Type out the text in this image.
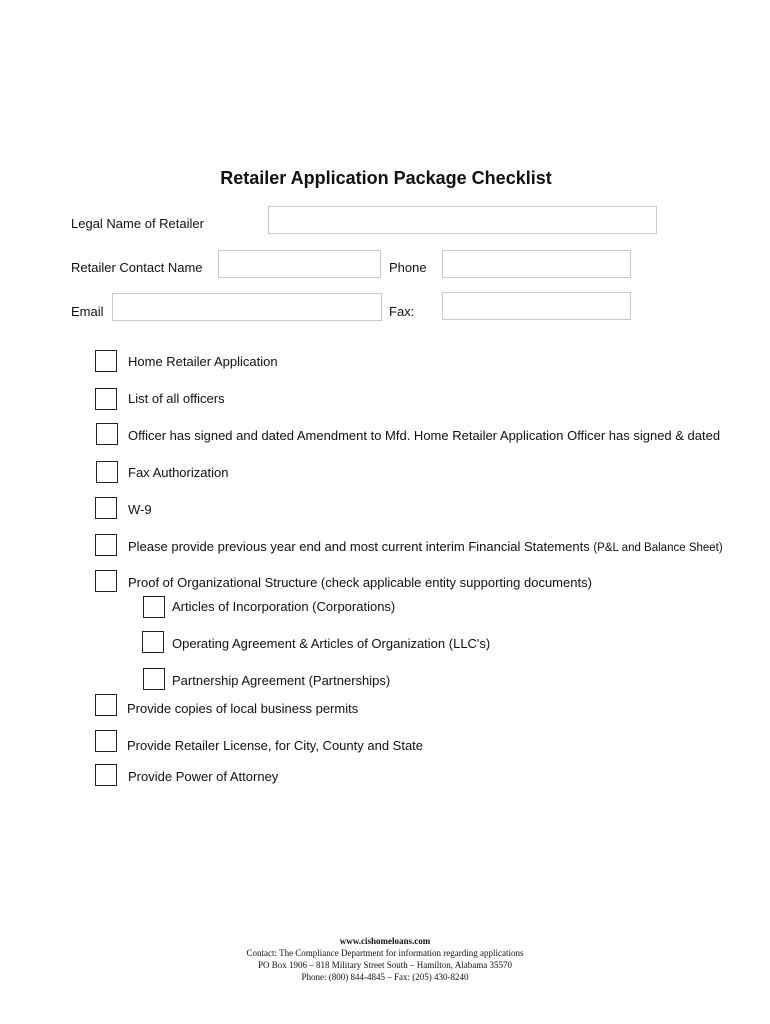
Retailer Application Package Checklist
Legal Name of Retailer
Retailer Contact Name	Phone
Email	Fax:
Home Retailer Application
List of all officers
Officer has signed and dated Amendment to Mfd. Home Retailer Application Officer has signed & dated
Fax Authorization
W-9
Please provide previous year end and most current interim Financial Statements (P&L and Balance Sheet)
Proof of Organizational Structure (check applicable entity supporting documents)
Articles of Incorporation (Corporations)
Operating Agreement & Articles of Organization (LLC's)
Partnership Agreement (Partnerships)
Provide copies of local business permits
Provide Retailer License, for City, County and State
Provide Power of Attorney
www.cishomeloans.com
Contact: The Compliance Department for information regarding applications
PO Box 1906 – 818 Military Street South – Hamilton, Alabama 35570
Phone: (800) 844-4845 – Fax: (205) 430-8240
